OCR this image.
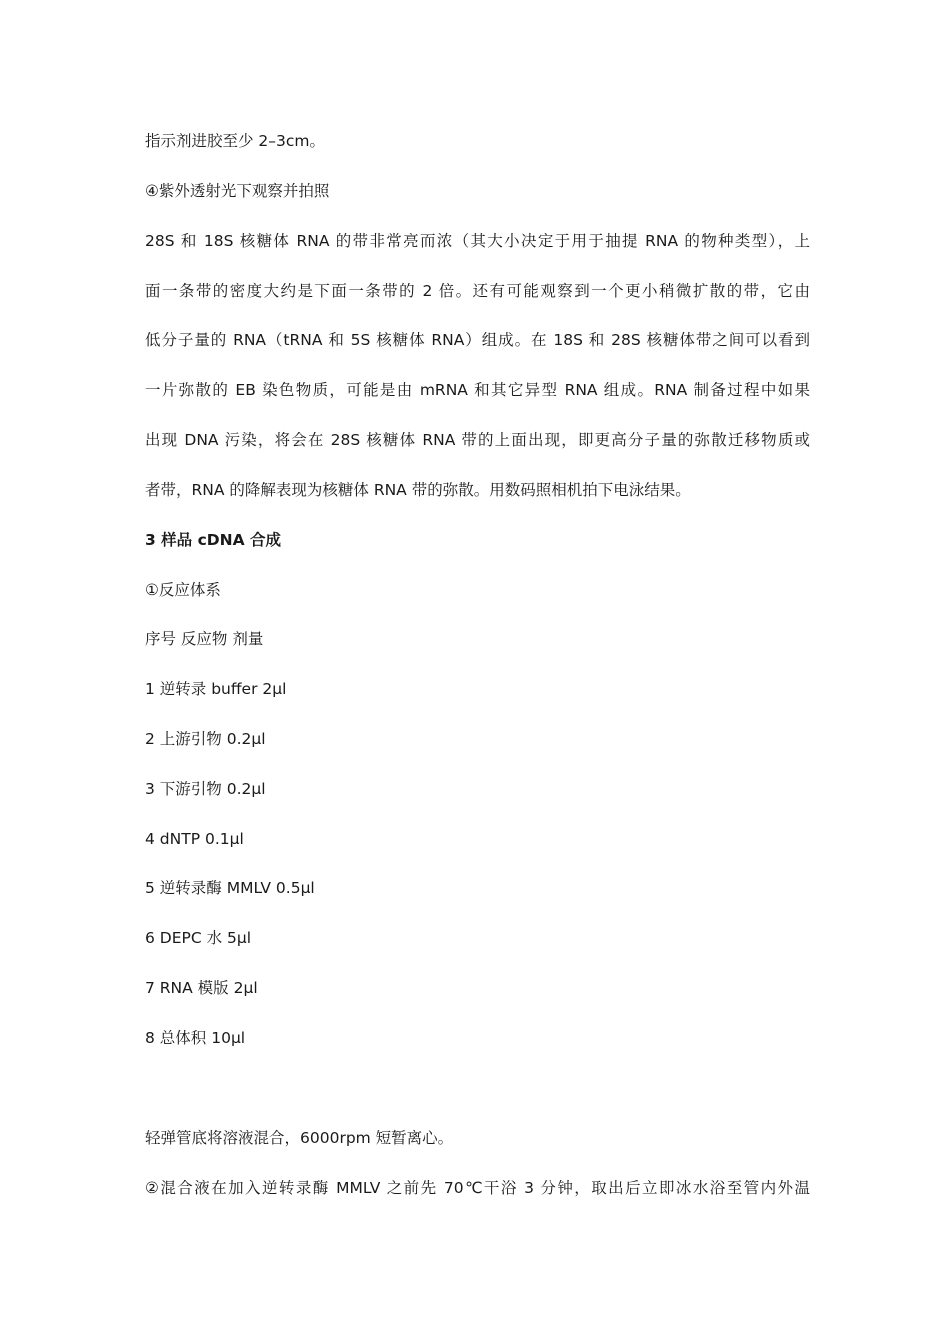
指示剂进胶至少 2–3cm。
④紫外透射光下观察并拍照
28S 和 18S 核糖体 RNA 的带非常亮而浓（其大小决定于用于抽提 RNA 的物种类型），上
面一条带的密度大约是下面一条带的 2 倍。还有可能观察到一个更小稍微扩散的带，它由
低分子量的 RNA（tRNA 和 5S 核糖体 RNA）组成。在 18S 和 28S 核糖体带之间可以看到
一片弥散的 EB 染色物质，可能是由 mRNA 和其它异型 RNA 组成。RNA 制备过程中如果
出现 DNA 污染，将会在 28S 核糖体 RNA 带的上面出现，即更高分子量的弥散迁移物质或
者带，RNA 的降解表现为核糖体 RNA 带的弥散。用数码照相机拍下电泳结果。
3 样品 cDNA 合成
①反应体系
序号 反应物 剂量
1 逆转录 buffer 2μl
2 上游引物 0.2μl
3 下游引物 0.2μl
4 dNTP 0.1μl
5 逆转录酶 MMLV 0.5μl
6 DEPC 水 5μl
7 RNA 模版 2μl
8 总体积 10μl
轻弹管底将溶液混合，6000rpm 短暂离心。
②混合液在加入逆转录酶 MMLV 之前先 70℃干浴 3 分钟，取出后立即冰水浴至管内外温
